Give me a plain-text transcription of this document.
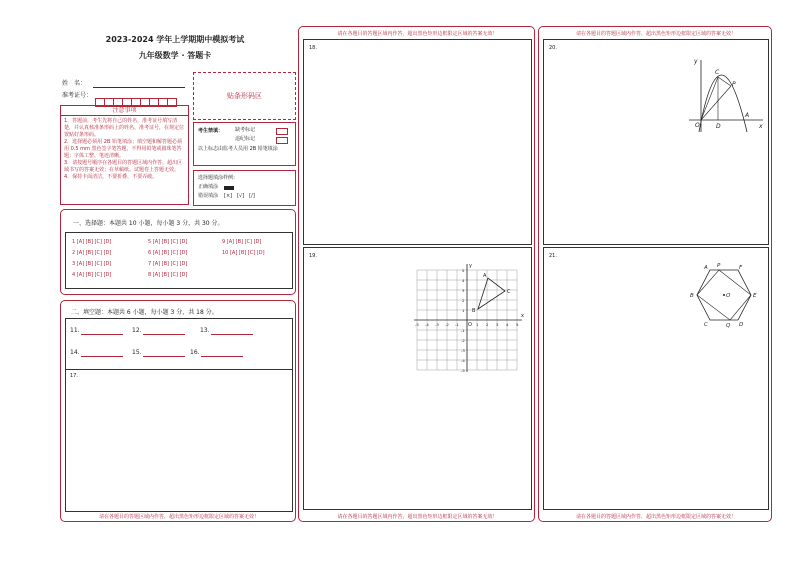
2023-2024 学年上学期期中模拟考试
九年级数学 · 答题卡
姓　名：
准考证号：	贴条形码区
注意事项
1．答题前，考生先将自己的姓名，准考证号填写清楚，并认真核准条形码上的姓名、准考证号，在规定位置贴好条形码。
2．选择题必须用 2B 铅笔填涂；填空题和解答题必须用 0.5 mm 黑色签字笔答题，不得用铅笔或圆珠笔答题；字体工整、笔迹清晰。
3．请按题号顺序在各题目的答题区域内作答，超出区域书写的答案无效；在草稿纸、试题卷上答题无效。
4．保持卡面清洁，不要折叠、不要弄破。
考生禁填： 缺考标记
违纪标记
以上标志由监考人员用 2B 铅笔填涂
选择题填涂样例：
正确填涂
错误填涂 [×]　[√]　[/]
一、选择题：本题共 10 小题，每小题 3 分，共 30 分。
1 [A] [B] [C] [D]
2 [A] [B] [C] [D]
3 [A] [B] [C] [D]
4 [A] [B] [C] [D]
5 [A] [B] [C] [D]
6 [A] [B] [C] [D]
7 [A] [B] [C] [D]
8 [A] [B] [C] [D]
9 [A] [B] [C] [D]
10 [A] [B] [C] [D]
二、填空题：本题共 6 小题，每小题 3 分，共 18 分。
11.	12.	13.
14.	15.	16.
17.
请在各题目的答题区域内作答，超出黑色矩形边框限定区域的答案无效！
请在各题目的答题区域内作答，超出黑色矩形边框限定区域的答案无效！
18.
19.
x
y
O
A
B
C
-5 -4 -3 -2 -1	1 2 3 4 5
5
4
3
2
1
-1
-2
-3
-4
-5
请在各题目的答题区域内作答，超出黑色矩形边框限定区域的答案无效！
请在各题目的答题区域内作答，超出黑色矩形边框限定区域的答案无效！
20.
x
y
C
P
O	D
A
21.
A P	F
B	O	E
C	Q D
请在各题目的答题区域内作答，超出黑色矩形边框限定区域的答案无效！
